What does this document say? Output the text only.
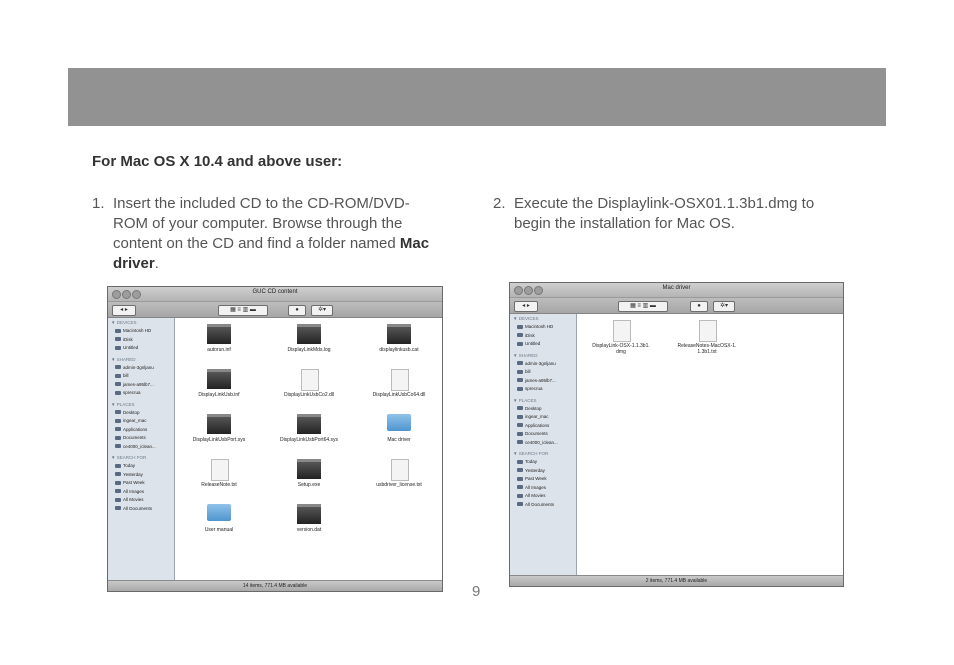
For Mac OS X 10.4 and above user:
1. Insert the included CD to the CD-ROM/DVD-ROM of your computer. Browse through the content on the CD and find a folder named Mac driver.
2. Execute the Displaylink-OSX01.1.3b1.dmg to begin the installation for Mac OS.
GUC CD content
◂ ▸	▦ ≡ ▥ ▬	●	✲▾
▼ DEVICES
Macintosh HD
iDisk
Untitled
▼ SHARED
admin-3gnljanu
bill
james-a95lb7...
sprecrua
▼ PLACES
Desktop
ingear_mac
Applications
Documents
ce4000_iclean...
▼ SEARCH FOR
Today
Yesterday
Past Week
All Images
All Movies
All Documents
autorun.inf	DisplayLinkMds.log	displaylinkusb.cat
DisplayLinkUsb.inf	DisplayLinkUsbCo2.dll	DisplayLinkUsbCo64.dll
DisplayLinkUsbPort.sys	DisplayLinkUsbPort64.sys	Mac driver
ReleaseNote.txt	Setup.exe	usbdriver_license.txt
User manual	version.dat
14 items, 771.4 MB available
Mac driver
◂ ▸	▦ ≡ ▥ ▬	●	✲▾
▼ DEVICES
Macintosh HD
iDisk
Untitled
▼ SHARED
admin-3gnljanu
bill
james-a95lb7...
sprecrua
▼ PLACES
Desktop
ingear_mac
Applications
Documents
ce4000_iclean...
▼ SEARCH FOR
Today
Yesterday
Past Week
All Images
All Movies
All Documents
DisplayLink-OSX-1.1.3b1.dmg
ReleaseNotes-MacOSX-1.1.3b1.txt
2 items, 771.4 MB available
9
